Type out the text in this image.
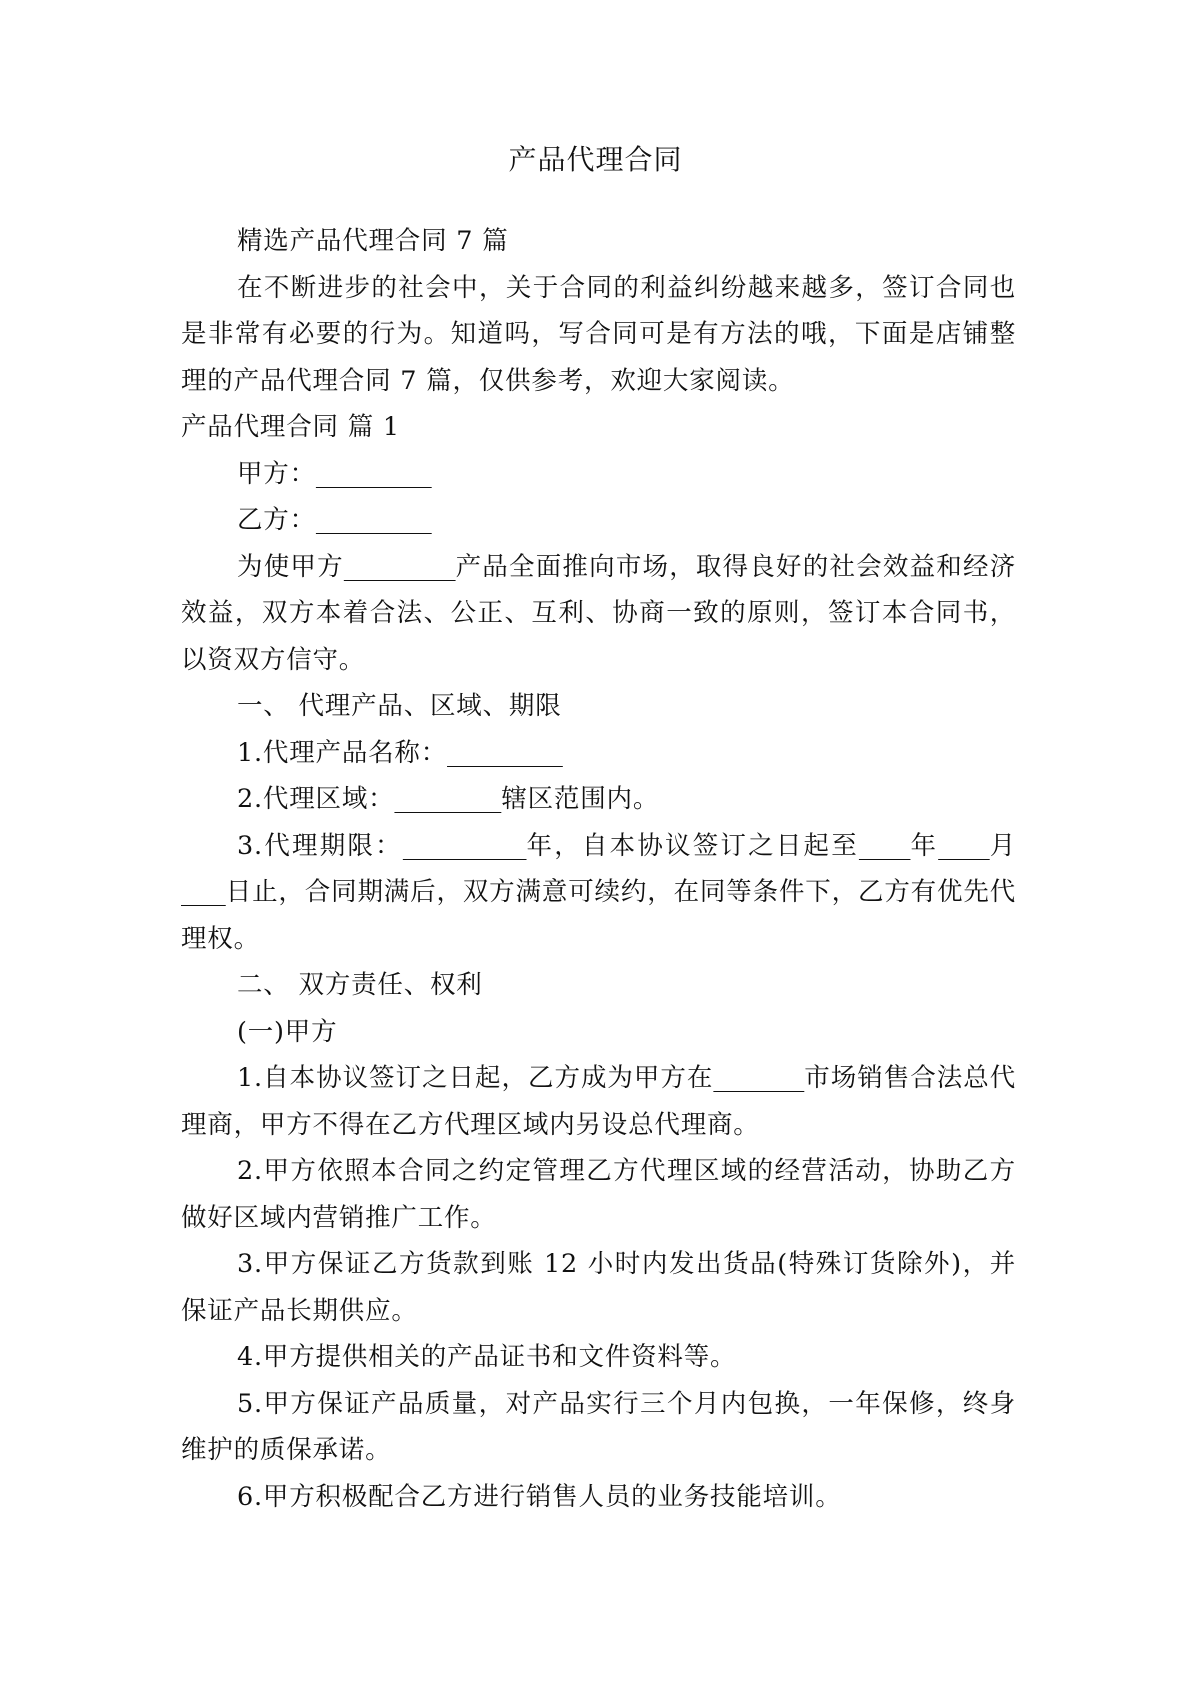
产品代理合同

精选产品代理合同 7 篇

在不断进步的社会中，关于合同的利益纠纷越来越多，签订合同也是非常有必要的行为。知道吗，写合同可是有方法的哦，下面是店铺整理的产品代理合同 7 篇，仅供参考，欢迎大家阅读。

产品代理合同 篇 1

甲方：

乙方：

为使甲方	产品全面推向市场，取得良好的社会效益和经济效益，双方本着合法、公正、互利、协商一致的原则，签订本合同书，以资双方信守。

一、 代理产品、区域、期限

1.代理产品名称：

2.代理区域：	辖区范围内。

3.代理期限：	年，自本协议签订之日起至 年 月     日止，合同期满后，双方满意可续约，在同等条件下，乙方有优先代理权。

二、 双方责任、权利

(一)甲方

1.自本协议签订之日起，乙方成为甲方在	市场销售合法总代理商，甲方不得在乙方代理区域内另设总代理商。

2.甲方依照本合同之约定管理乙方代理区域的经营活动，协助乙方做好区域内营销推广工作。

3.甲方保证乙方货款到账 12 小时内发出货品(特殊订货除外)，并保证产品长期供应。

4.甲方提供相关的产品证书和文件资料等。

5.甲方保证产品质量，对产品实行三个月内包换，一年保修，终身维护的质保承诺。

6.甲方积极配合乙方进行销售人员的业务技能培训。
